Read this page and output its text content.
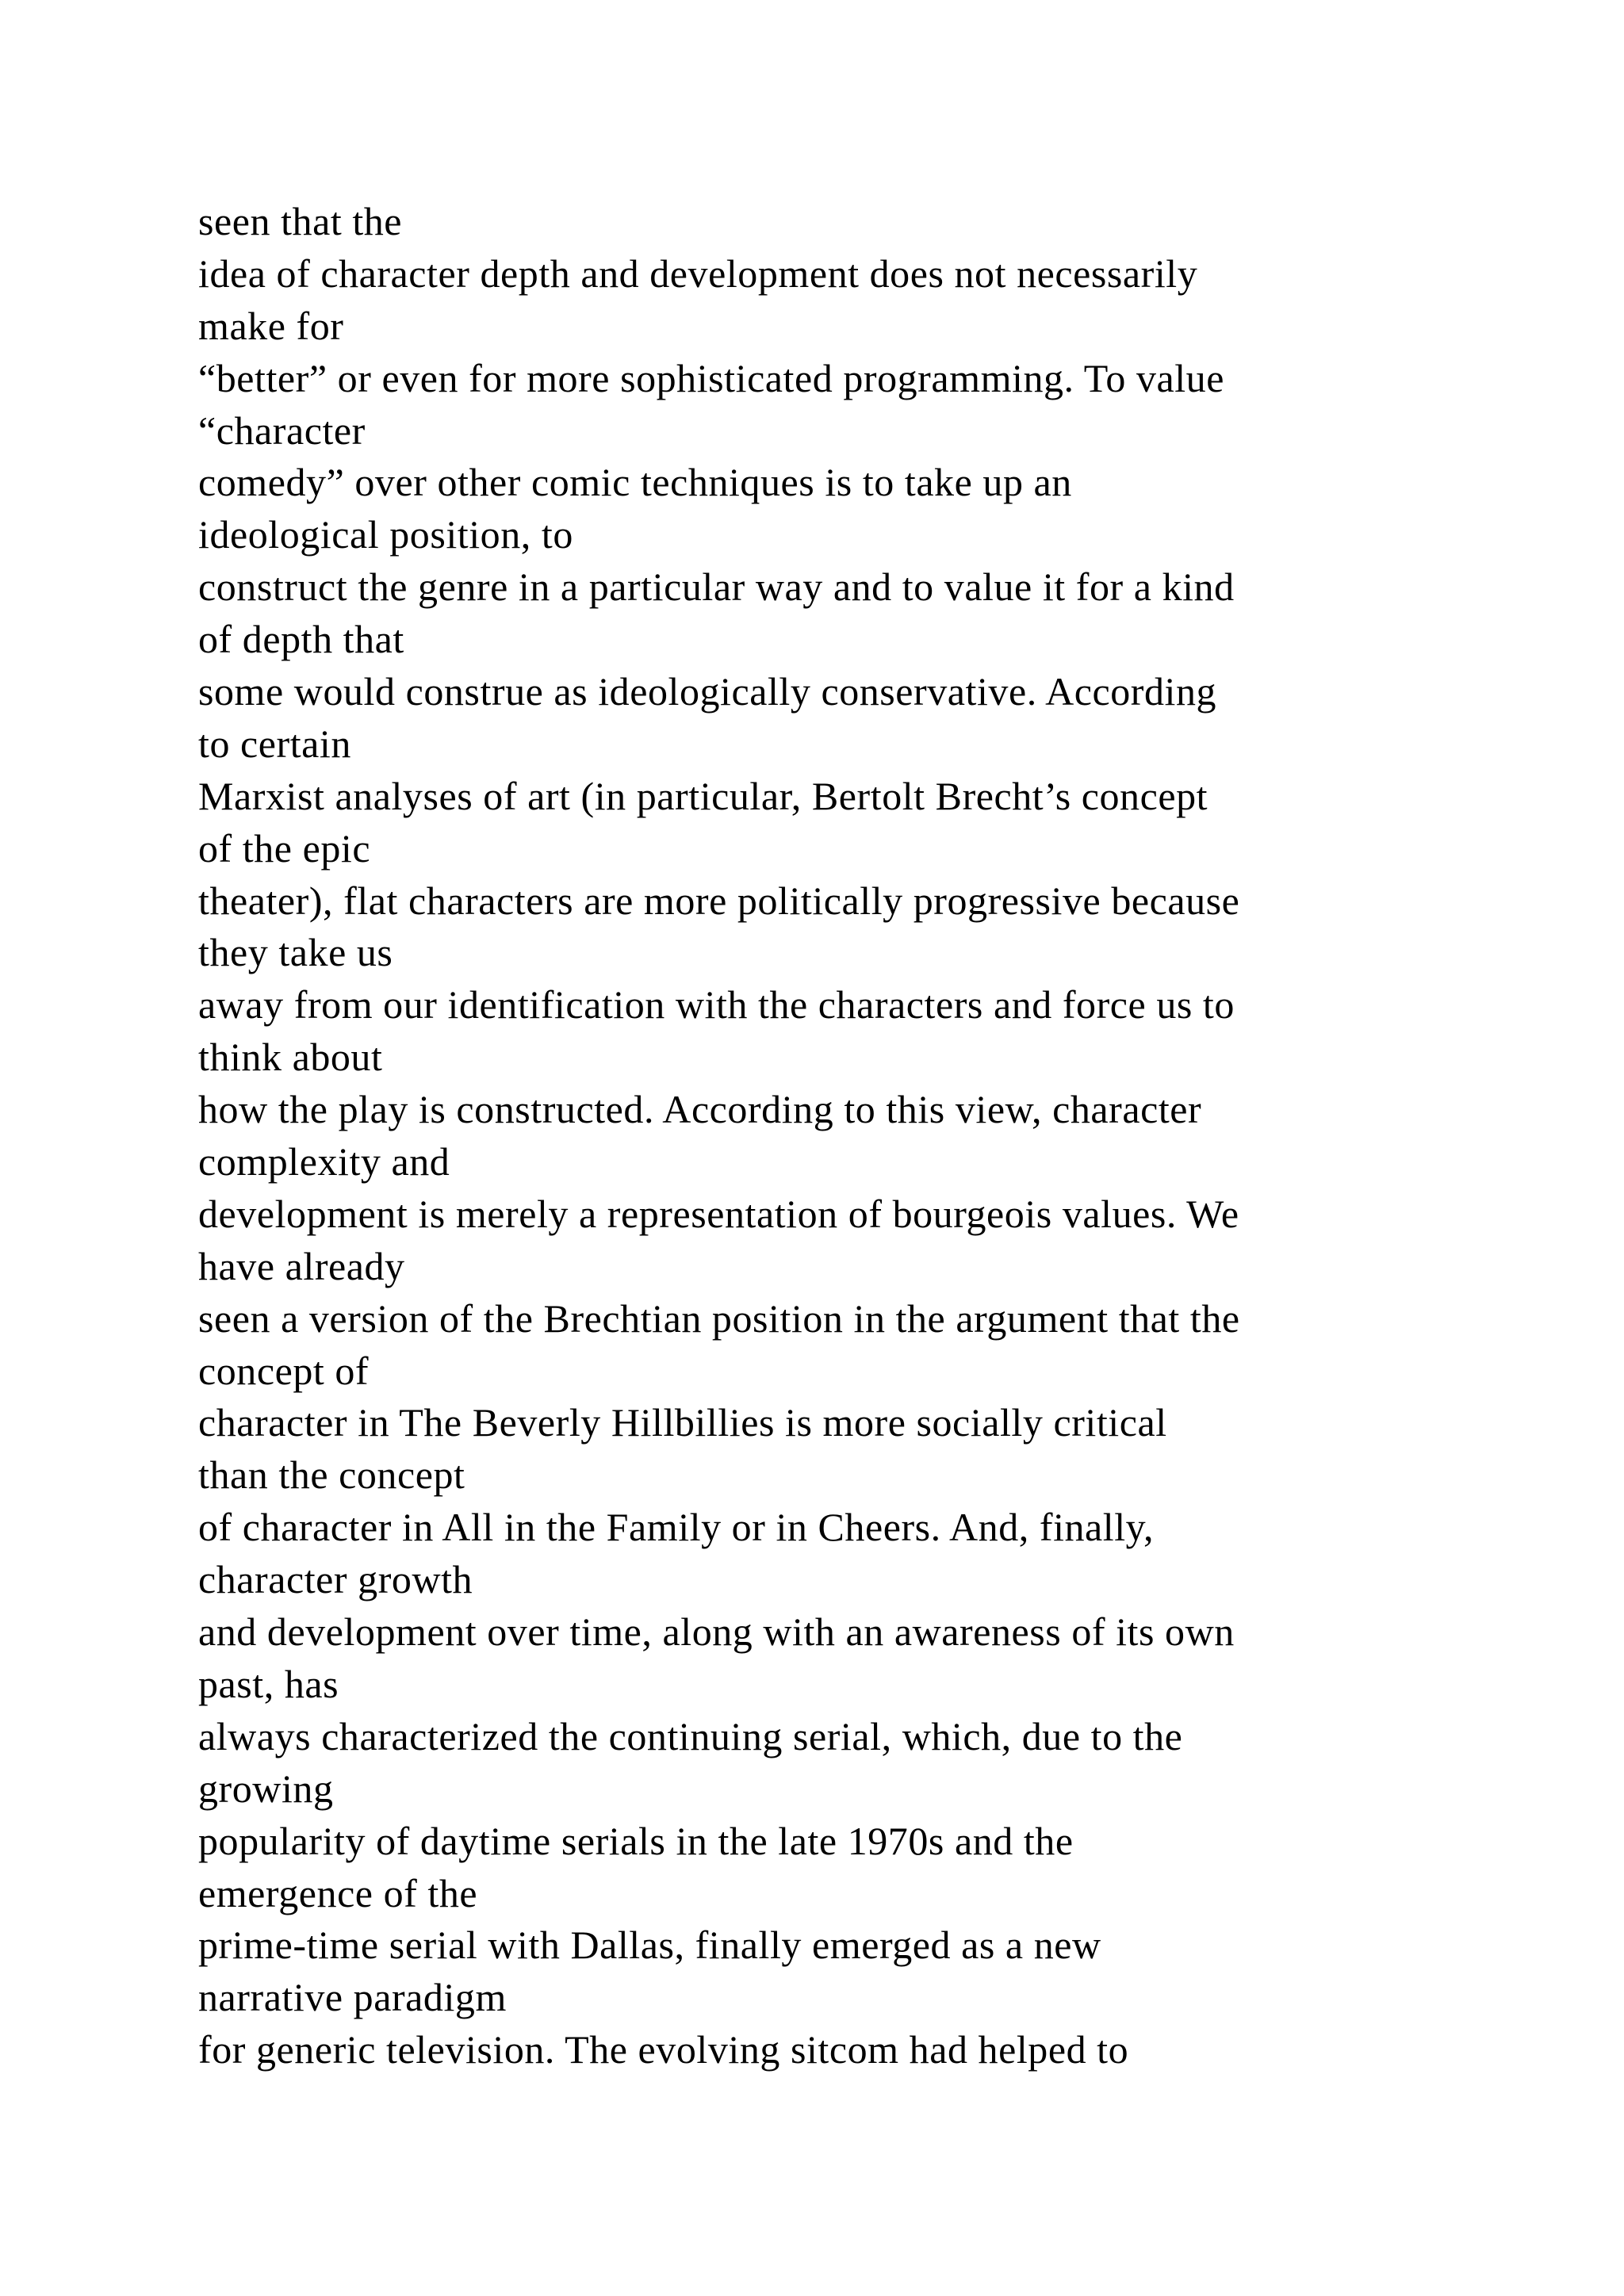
seen that the
idea of character depth and development does not necessarily
make for
“better” or even for more sophisticated programming. To value
“character
comedy” over other comic techniques is to take up an
ideological position, to
construct the genre in a particular way and to value it for a kind
of depth that
some would construe as ideologically conservative. According
to certain
Marxist analyses of art (in particular, Bertolt Brecht’s concept
of the epic
theater), flat characters are more politically progressive because
they take us
away from our identification with the characters and force us to
think about
how the play is constructed. According to this view, character
complexity and
development is merely a representation of bourgeois values. We
have already
seen a version of the Brechtian position in the argument that the
concept of
character in The Beverly Hillbillies is more socially critical
than the concept
of character in All in the Family or in Cheers. And, finally,
character growth
and development over time, along with an awareness of its own
past, has
always characterized the continuing serial, which, due to the
growing
popularity of daytime serials in the late 1970s and the
emergence of the
prime-time serial with Dallas, finally emerged as a new
narrative paradigm
for generic television. The evolving sitcom had helped to
